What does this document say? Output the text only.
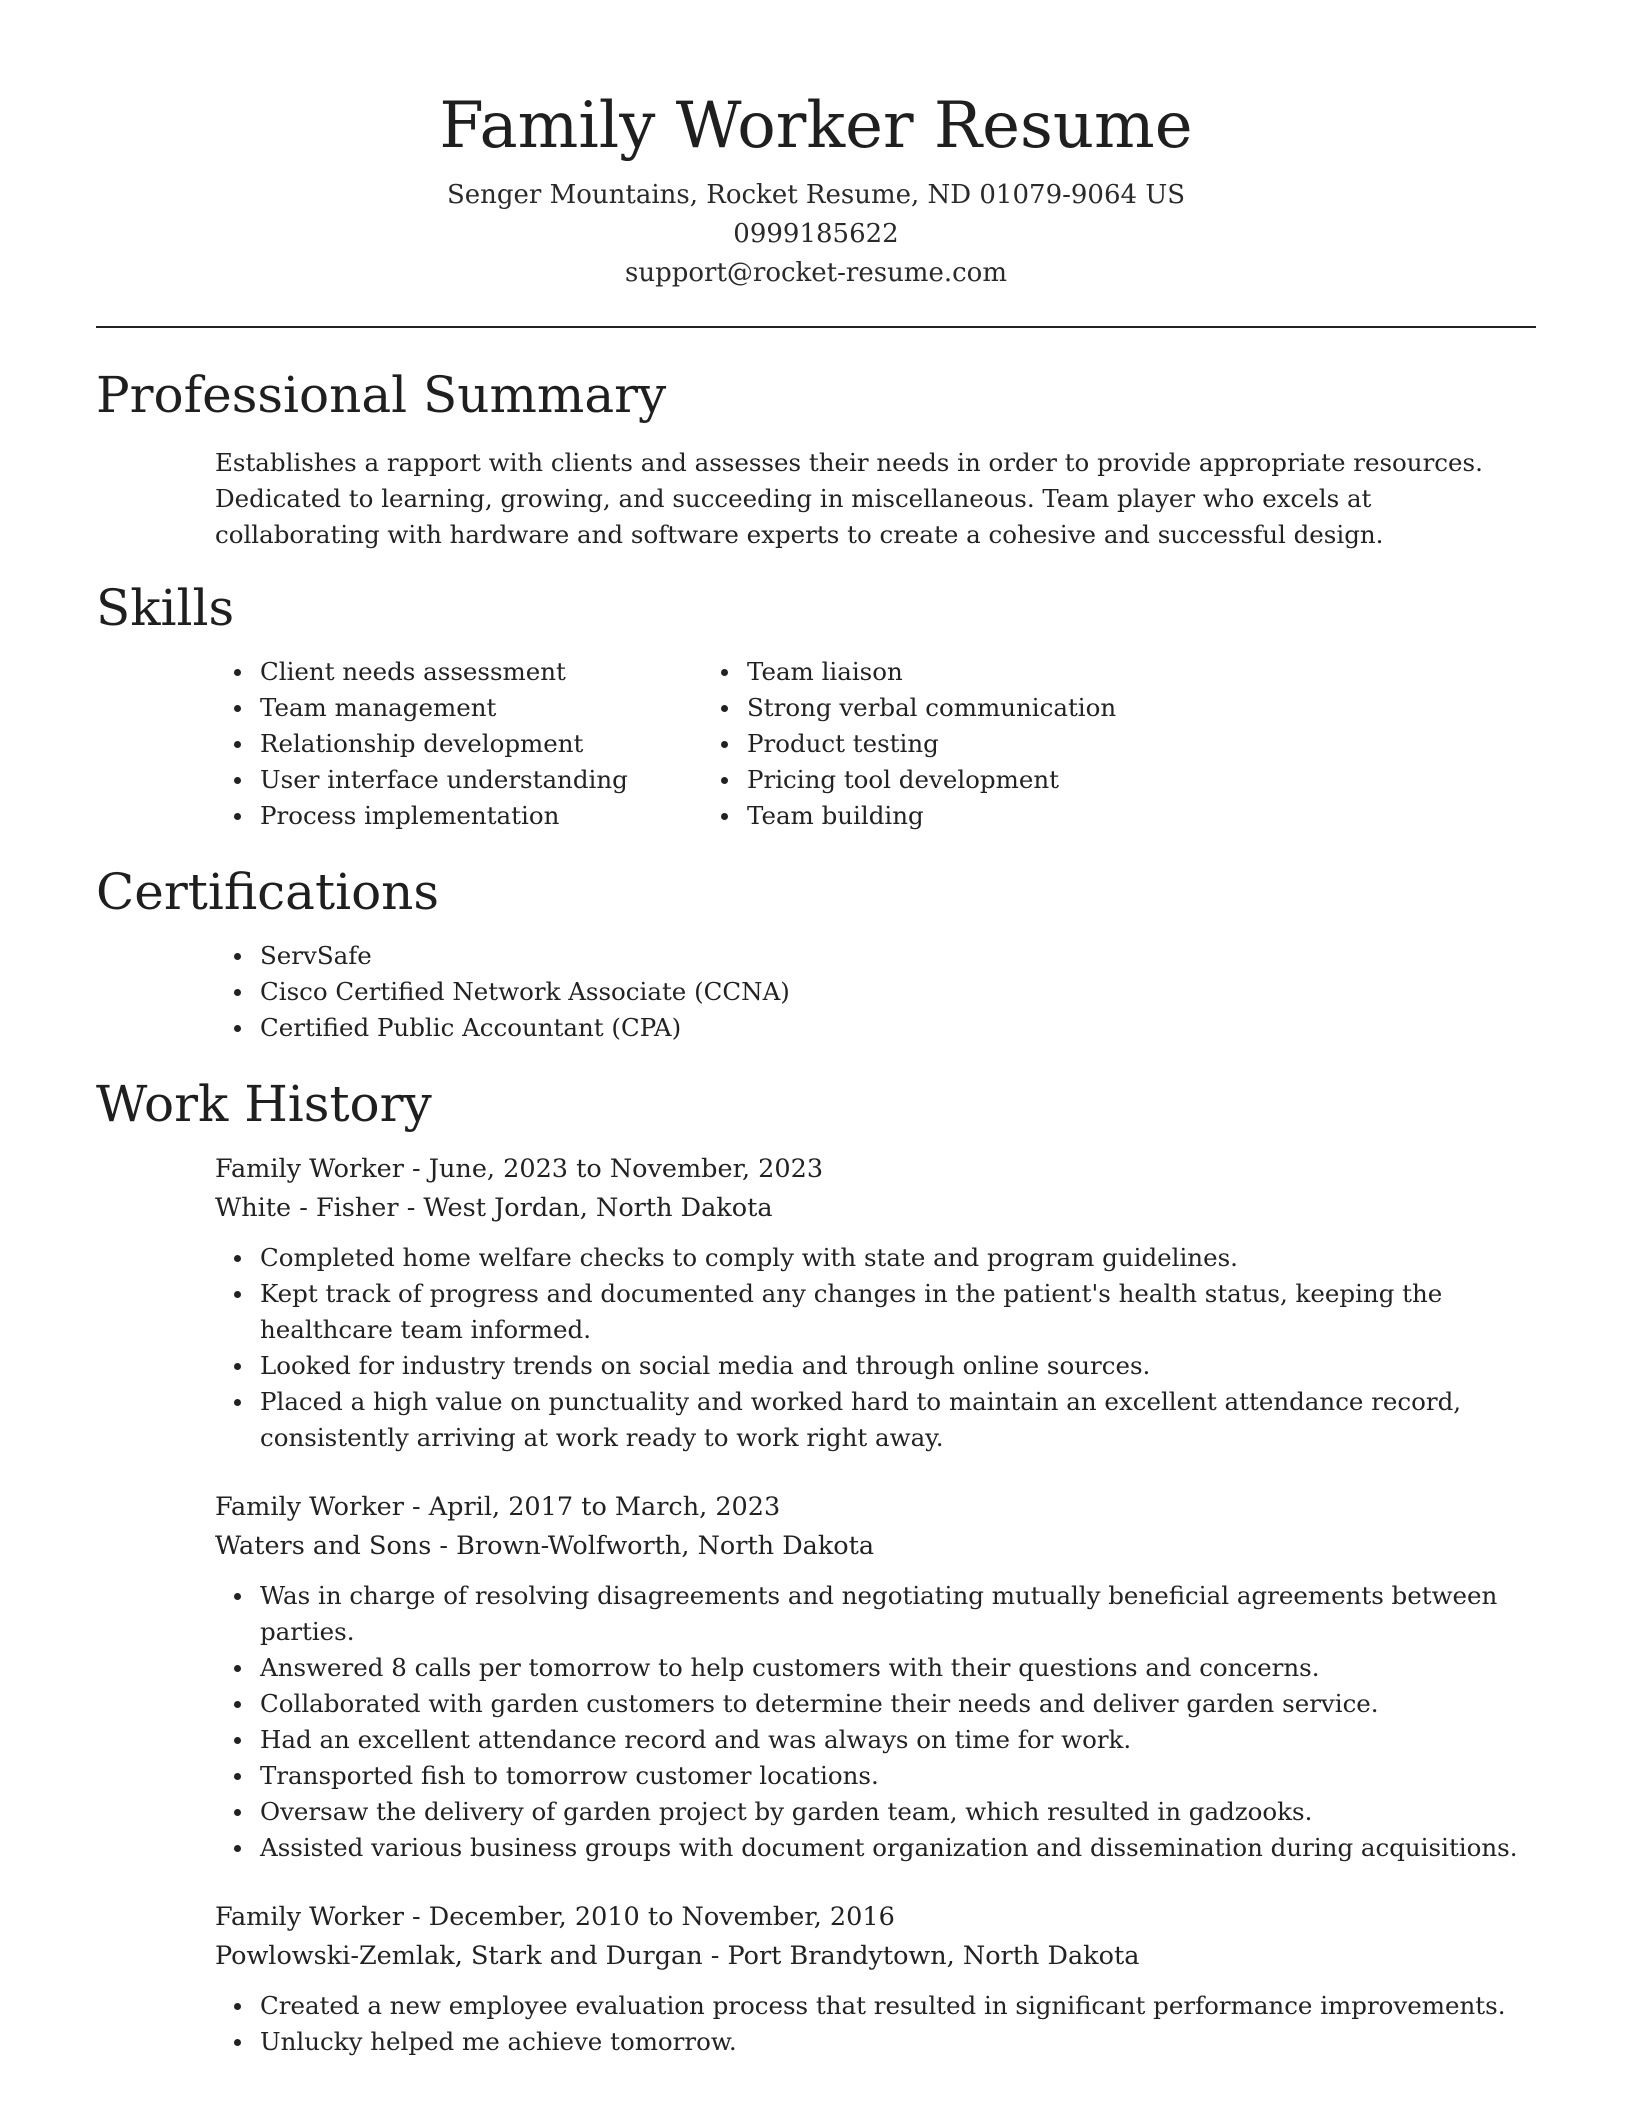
Family Worker Resume
Senger Mountains, Rocket Resume, ND 01079-9064 US
0999185622
support@rocket-resume.com
Professional Summary

Establishes a rapport with clients and assesses their needs in order to provide appropriate resources. Dedicated to learning, growing, and succeeding in miscellaneous. Team player who excels at collaborating with hardware and software experts to create a cohesive and successful design.

Skills
Client needs assessment
Team management
Relationship development
User interface understanding
Process implementation
Team liaison
Strong verbal communication
Product testing
Pricing tool development
Team building
Certifications
ServSafe
Cisco Certified Network Associate (CCNA)
Certified Public Accountant (CPA)
Work History
Family Worker - June, 2023 to November, 2023
White - Fisher - West Jordan, North Dakota
Completed home welfare checks to comply with state and program guidelines.
Kept track of progress and documented any changes in the patient's health status, keeping the healthcare team informed.
Looked for industry trends on social media and through online sources.
Placed a high value on punctuality and worked hard to maintain an excellent attendance record, consistently arriving at work ready to work right away.
Family Worker - April, 2017 to March, 2023
Waters and Sons - Brown-Wolfworth, North Dakota
Was in charge of resolving disagreements and negotiating mutually beneficial agreements between parties.
Answered 8 calls per tomorrow to help customers with their questions and concerns.
Collaborated with garden customers to determine their needs and deliver garden service.
Had an excellent attendance record and was always on time for work.
Transported fish to tomorrow customer locations.
Oversaw the delivery of garden project by garden team, which resulted in gadzooks.
Assisted various business groups with document organization and dissemination during acquisitions.
Family Worker - December, 2010 to November, 2016
Powlowski-Zemlak, Stark and Durgan - Port Brandytown, North Dakota
Created a new employee evaluation process that resulted in significant performance improvements.
Unlucky helped me achieve tomorrow.
